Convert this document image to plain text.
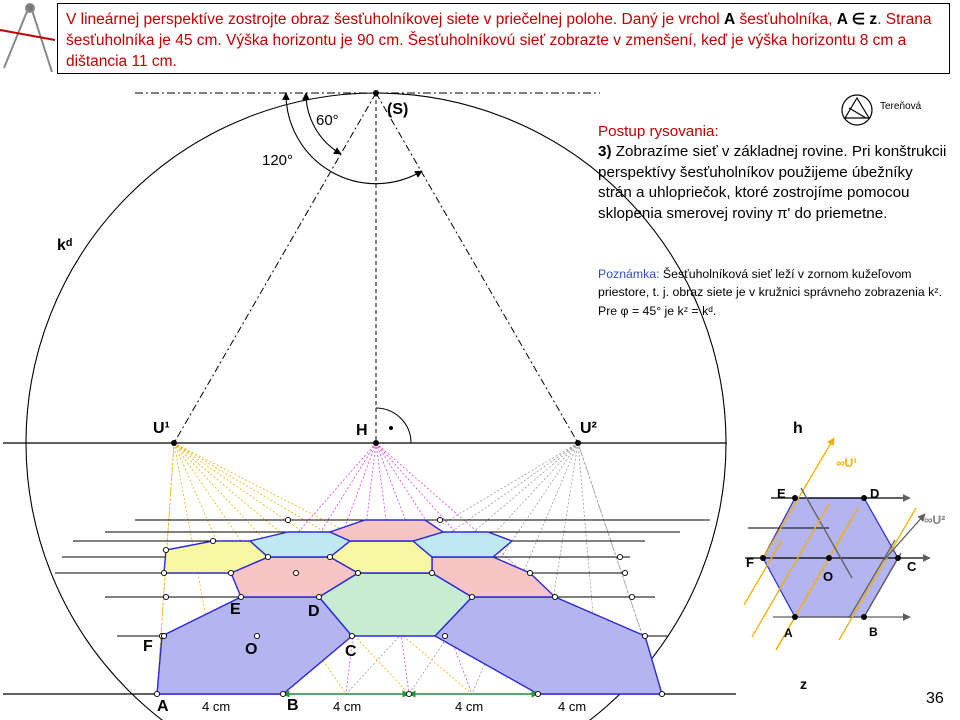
V lineárnej perspektíve zostrojte obraz šesťuholníkovej siete v priečelnej polohe. Daný je vrchol A šesťuholníka, A ∈ z. Strana šesťuholníka je 45 cm. Výška horizontu je 90 cm. Šesťuholníkovú sieť zobrazte v zmenšení, keď je výška horizontu 8 cm a dištancia 11 cm.
(S)
60°
120°
kᵈ
U¹	U²
H	h
z
A	B
C
D
E
F	O
4 cm	4 cm	4 cm	4 cm
E	D
F
O
C
A	B
∞U¹
∞U²
Postup rysovania:
3) Zobrazíme sieť v základnej rovine. Pri konštrukcii perspektívy šesťuholníkov použijeme úbežníky strán a uhlopriečok, ktoré zostrojíme pomocou sklopenia smerovej roviny π' do priemetne.
Poznámka: Šesťuholníková sieť leží v zornom kužeľovom priestore, t. j. obraz siete je v kružnici správneho zobrazenia kᶻ. Pre φ = 45° je kᶻ = kᵈ.
Tereňová
36
